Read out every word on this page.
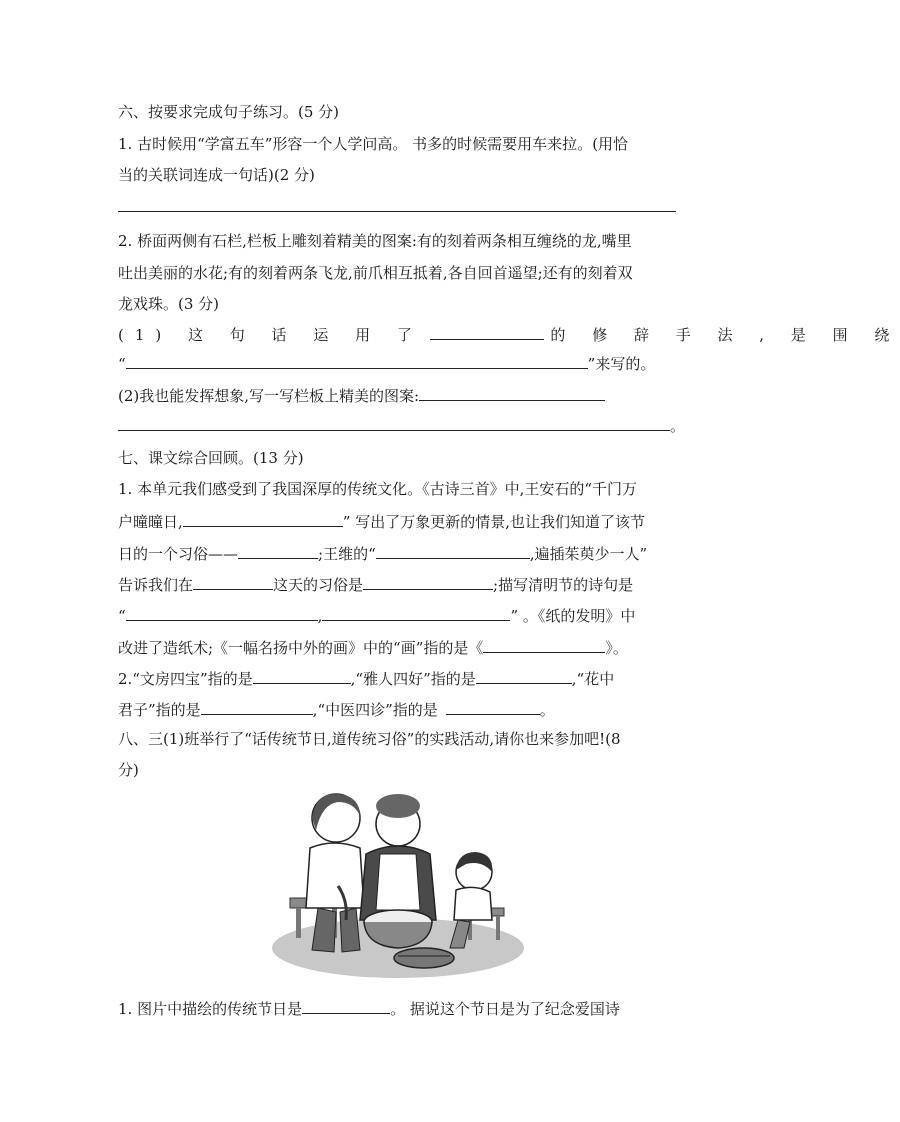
六、按要求完成句子练习。(5 分)
1. 古时候用“学富五车”形容一个人学问高。 书多的时候需要用车来拉。(用恰
当的关联词连成一句话)(2 分)
2. 桥面两侧有石栏,栏板上雕刻着精美的图案:有的刻着两条相互缠绕的龙,嘴里
吐出美丽的水花;有的刻着两条飞龙,前爪相互抵着,各自回首遥望;还有的刻着双
龙戏珠。(3 分)
(1) 这 句 话 运 用 了	的 修 辞 手 法 , 是 围 绕
“	”来写的。
(2)我也能发挥想象,写一写栏板上精美的图案:
。
七、课文综合回顾。(13 分)
1. 本单元我们感受到了我国深厚的传统文化。《古诗三首》中,王安石的“千门万
户曈曈日,	” 写出了万象更新的情景,也让我们知道了该节
日的一个习俗——	;王维的“	,遍插茱萸少一人”
告诉我们在	这天的习俗是	;描写清明节的诗句是
“	,	” 。《纸的发明》中
改进了造纸术;《一幅名扬中外的画》中的“画”指的是《	》。
2.“文房四宝”指的是	,“雅人四好”指的是	,“花中
君子”指的是	,“中医四诊”指的是	。
八、三(1)班举行了“话传统节日,道传统习俗”的实践活动,请你也来参加吧!(8
分)
1. 图片中描绘的传统节日是	。 据说这个节日是为了纪念爱国诗
